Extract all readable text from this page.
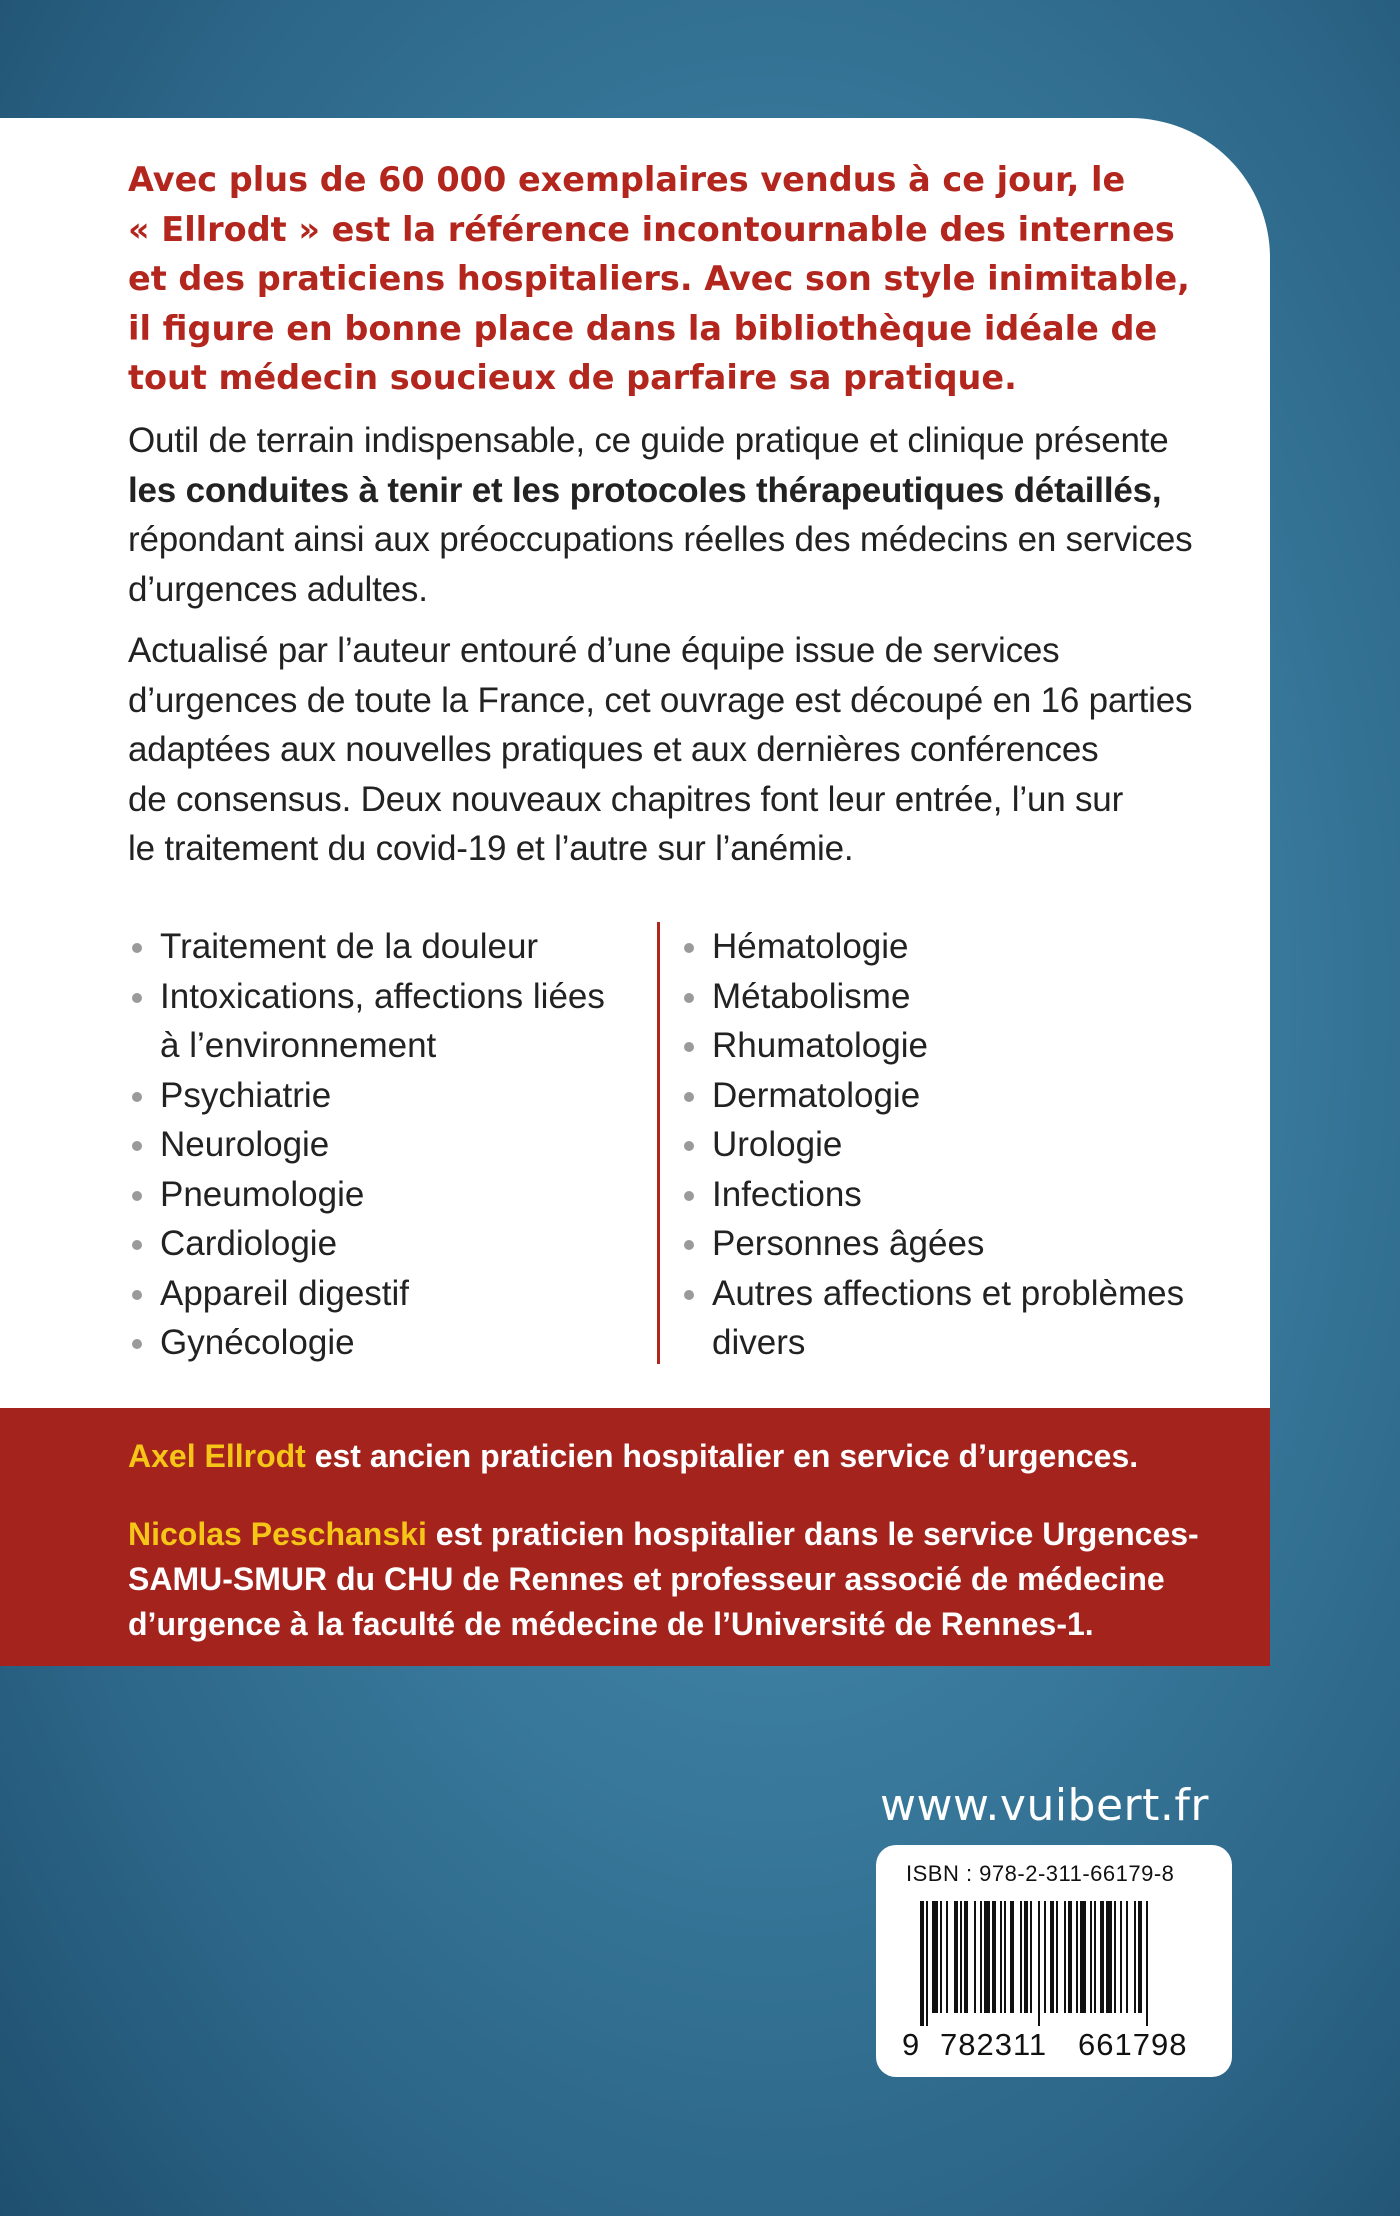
Avec plus de 60 000 exemplaires vendus à ce jour, le
« Ellrodt » est la référence incontournable des internes
et des praticiens hospitaliers. Avec son style inimitable,
il figure en bonne place dans la bibliothèque idéale de
tout médecin soucieux de parfaire sa pratique.
Outil de terrain indispensable, ce guide pratique et clinique présente
les conduites à tenir et les protocoles thérapeutiques détaillés,
répondant ainsi aux préoccupations réelles des médecins en services
d’urgences adultes.
Actualisé par l’auteur entouré d’une équipe issue de services
d’urgences de toute la France, cet ouvrage est découpé en 16 parties
adaptées aux nouvelles pratiques et aux dernières conférences
de consensus. Deux nouveaux chapitres font leur entrée, l’un sur
le traitement du covid-19 et l’autre sur l’anémie.
Traitement de la douleur
Intoxications, affections liées
à l’environnement
Psychiatrie
Neurologie
Pneumologie
Cardiologie
Appareil digestif
Gynécologie
Hématologie
Métabolisme
Rhumatologie
Dermatologie
Urologie
Infections
Personnes âgées
Autres affections et problèmes
divers
Axel Ellrodt est ancien praticien hospitalier en service d’urgences.
Nicolas Peschanski est praticien hospitalier dans le service Urgences-
SAMU-SMUR du CHU de Rennes et professeur associé de médecine
d’urgence à la faculté de médecine de l’Université de Rennes-1.
www.vuibert.fr
ISBN : 978-2-311-66179-8
9 782311 661798
